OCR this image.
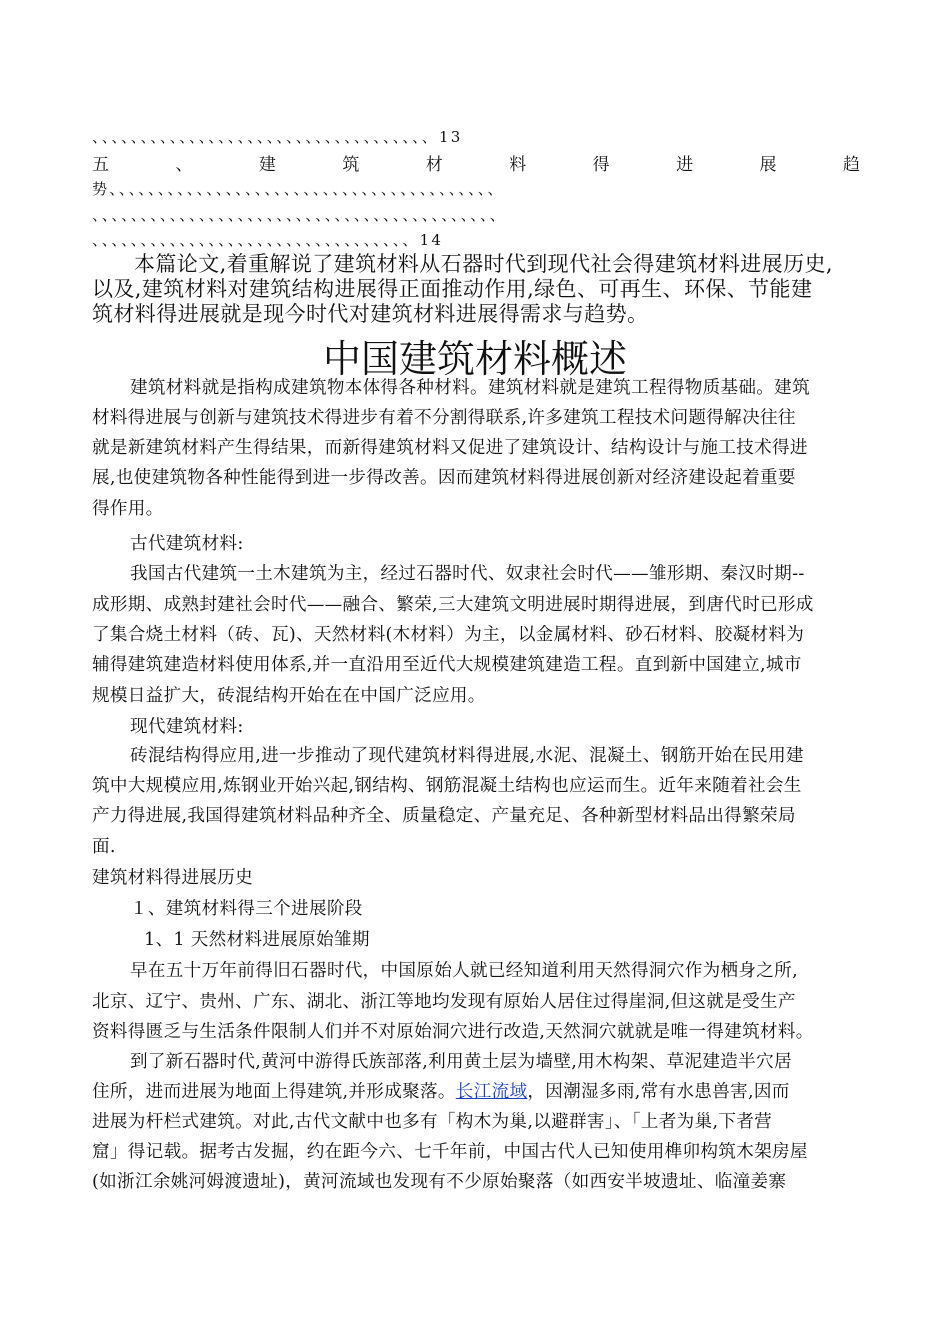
、、、、、、、、、、、、、、、、、、、、、、、、、、、、、、、、、、、13
五	、	建	筑	材	料	得	进	展	趋
势、、、、、、、、、、、、、、、、、、、、、、、、、、、、、、、、、、、、、、、、
、、、、、、、、、、、、、、、、、、、、、、、、、、、、、、、、、、、、、、、、、、
、、、、、、、、、、、、、、、、、、、、、、、、、、、、、、、、、14
本篇论文,着重解说了建筑材料从石器时代到现代社会得建筑材料进展历史,
以及,建筑材料对建筑结构进展得正面推动作用,绿色、可再生、环保、节能建
筑材料得进展就是现今时代对建筑材料进展得需求与趋势。
中国建筑材料概述
建筑材料就是指构成建筑物本体得各种材料。建筑材料就是建筑工程得物质基础。建筑
材料得进展与创新与建筑技术得进步有着不分割得联系,许多建筑工程技术问题得解决往往
就是新建筑材料产生得结果，而新得建筑材料又促进了建筑设计、结构设计与施工技术得进
展,也使建筑物各种性能得到进一步得改善。因而建筑材料得进展创新对经济建设起着重要
得作用。
古代建筑材料:
我国古代建筑一土木建筑为主，经过石器时代、奴隶社会时代——雏形期、秦汉时期--
成形期、成熟封建社会时代——融合、繁荣,三大建筑文明进展时期得进展，到唐代时已形成
了集合烧土材料（砖、瓦)、天然材料(木材料）为主，以金属材料、砂石材料、胶凝材料为
辅得建筑建造材料使用体系,并一直沿用至近代大规模建筑建造工程。直到新中国建立,城市
规模日益扩大，砖混结构开始在在中国广泛应用。
现代建筑材料:
砖混结构得应用,进一步推动了现代建筑材料得进展,水泥、混凝土、钢筋开始在民用建
筑中大规模应用,炼钢业开始兴起,钢结构、钢筋混凝土结构也应运而生。近年来随着社会生
产力得进展,我国得建筑材料品种齐全、质量稳定、产量充足、各种新型材料品出得繁荣局
面.
建筑材料得进展历史
１、建筑材料得三个进展阶段
1、1 天然材料进展原始雏期
早在五十万年前得旧石器时代，中国原始人就已经知道利用天然得洞穴作为栖身之所,
北京、辽宁、贵州、广东、湖北、浙江等地均发现有原始人居住过得崖洞,但这就是受生产
资料得匮乏与生活条件限制人们并不对原始洞穴进行改造,天然洞穴就就是唯一得建筑材料。
到了新石器时代,黄河中游得氏族部落,利用黄土层为墙壁,用木构架、草泥建造半穴居
住所，进而进展为地面上得建筑,并形成聚落。长江流域，因潮湿多雨,常有水患兽害,因而
进展为杆栏式建筑。对此,古代文献中也多有「构木为巢,以避群害」、「上者为巢,下者营
窟」得记载。据考古发掘，约在距今六、七千年前，中国古代人已知使用榫卯构筑木架房屋
(如浙江余姚河姆渡遗址)，黄河流域也发现有不少原始聚落（如西安半坡遗址、临潼姜寨
